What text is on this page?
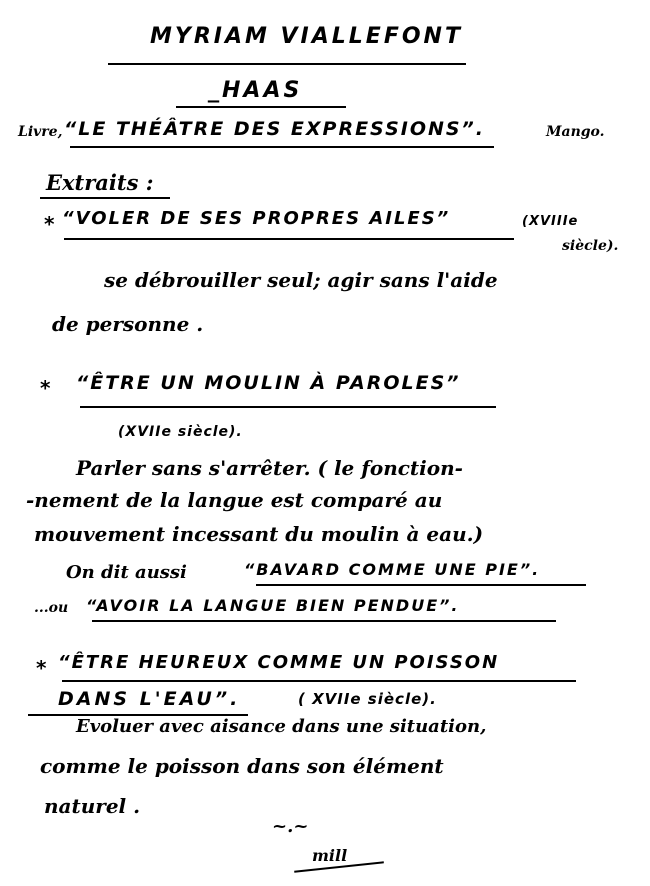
MYRIAM VIALLEFONT
_HAAS
Livre, “LE THÉÂTRE DES EXPRESSIONS”.	Mango.
Extraits :
* “VOLER DE SES PROPRES AILES”	(XVIIIe
siècle).
se débrouiller seul; agir sans l'aide
de personne .
* “ÊTRE UN MOULIN À PAROLES”
(XVIIe siècle).
Parler sans s'arrêter. ( le fonction-
-nement de la langue est comparé au
mouvement incessant du moulin à eau.)
On dit aussi	“BAVARD COMME UNE PIE”.
...ou “AVOIR LA LANGUE BIEN PENDUE”.
* “ÊTRE HEUREUX COMME UN POISSON
DANS L'EAU”.	( XVIIe siècle).
Evoluer avec aisance dans une situation,
comme le poisson dans son élément
naturel .
~.~
mill
